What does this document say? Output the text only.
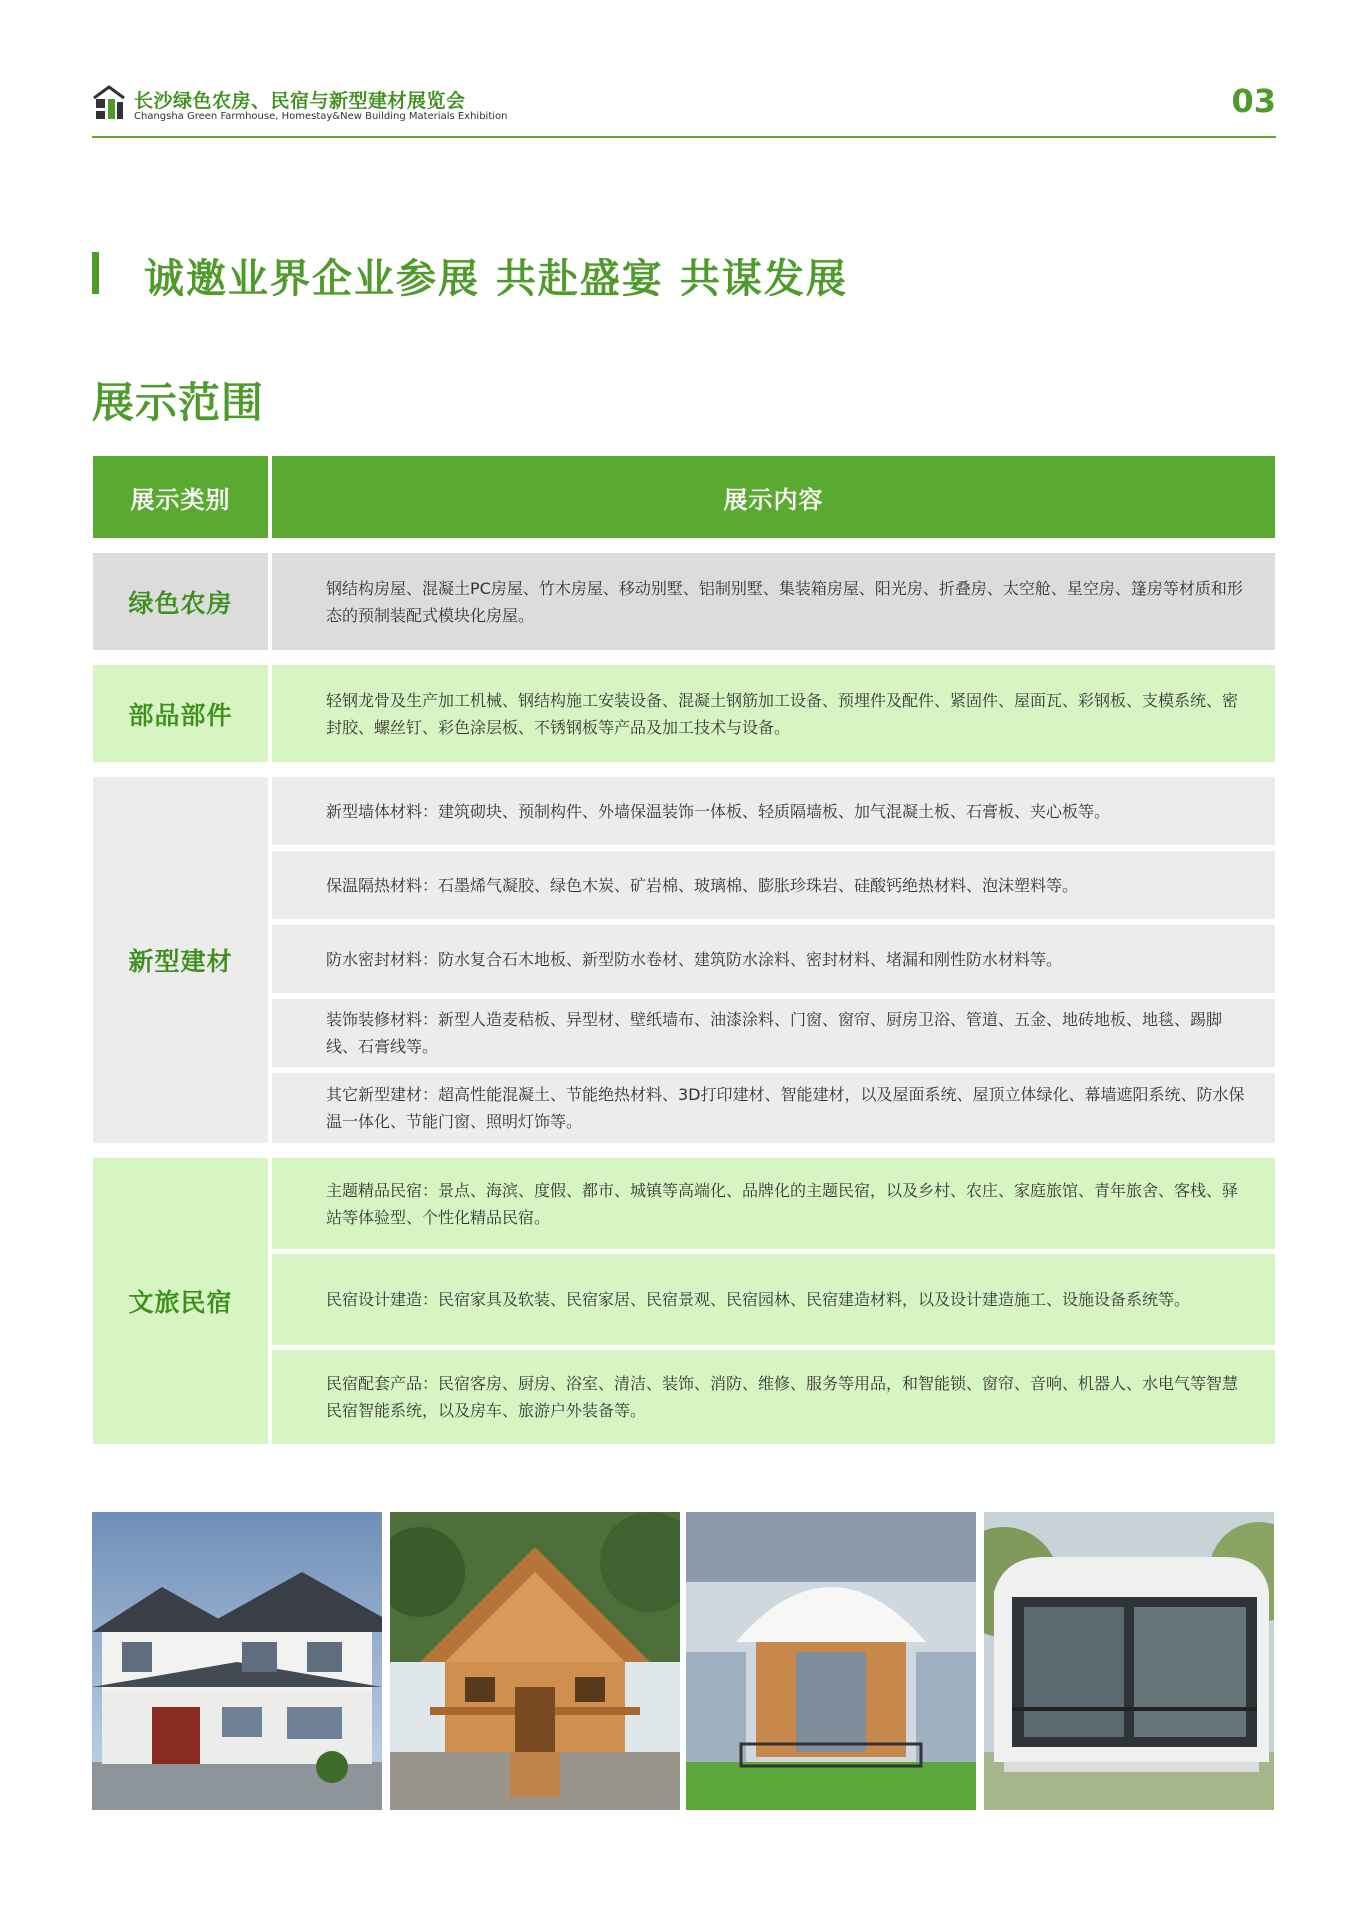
长沙绿色农房、民宿与新型建材展览会
Changsha Green Farmhouse, Homestay&New Building Materials Exhibition	03
诚邀业界企业参展 共赴盛宴 共谋发展
展示范围
展示类别	展示内容
绿色农房
部品部件
新型建材
文旅民宿
钢结构房屋、混凝土PC房屋、竹木房屋、移动别墅、铝制别墅、集装箱房屋、阳光房、折叠房、太空舱、星空房、篷房等材质和形态的预制装配式模块化房屋。
轻钢龙骨及生产加工机械、钢结构施工安装设备、混凝土钢筋加工设备、预埋件及配件、紧固件、屋面瓦、彩钢板、支模系统、密封胶、螺丝钉、彩色涂层板、不锈钢板等产品及加工技术与设备。
新型墙体材料：建筑砌块、预制构件、外墙保温装饰一体板、轻质隔墙板、加气混凝土板、石膏板、夹心板等。
保温隔热材料：石墨烯气凝胶、绿色木炭、矿岩棉、玻璃棉、膨胀珍珠岩、硅酸钙绝热材料、泡沫塑料等。
防水密封材料：防水复合石木地板、新型防水卷材、建筑防水涂料、密封材料、堵漏和刚性防水材料等。
装饰装修材料：新型人造麦秸板、异型材、壁纸墙布、油漆涂料、门窗、窗帘、厨房卫浴、管道、五金、地砖地板、地毯、踢脚线、石膏线等。
其它新型建材：超高性能混凝土、节能绝热材料、3D打印建材、智能建材，以及屋面系统、屋顶立体绿化、幕墙遮阳系统、防水保温一体化、节能门窗、照明灯饰等。
主题精品民宿：景点、海滨、度假、都市、城镇等高端化、品牌化的主题民宿，以及乡村、农庄、家庭旅馆、青年旅舍、客栈、驿站等体验型、个性化精品民宿。
民宿设计建造：民宿家具及软装、民宿家居、民宿景观、民宿园林、民宿建造材料，以及设计建造施工、设施设备系统等。
民宿配套产品：民宿客房、厨房、浴室、清洁、装饰、消防、维修、服务等用品，和智能锁、窗帘、音响、机器人、水电气等智慧民宿智能系统，以及房车、旅游户外装备等。
